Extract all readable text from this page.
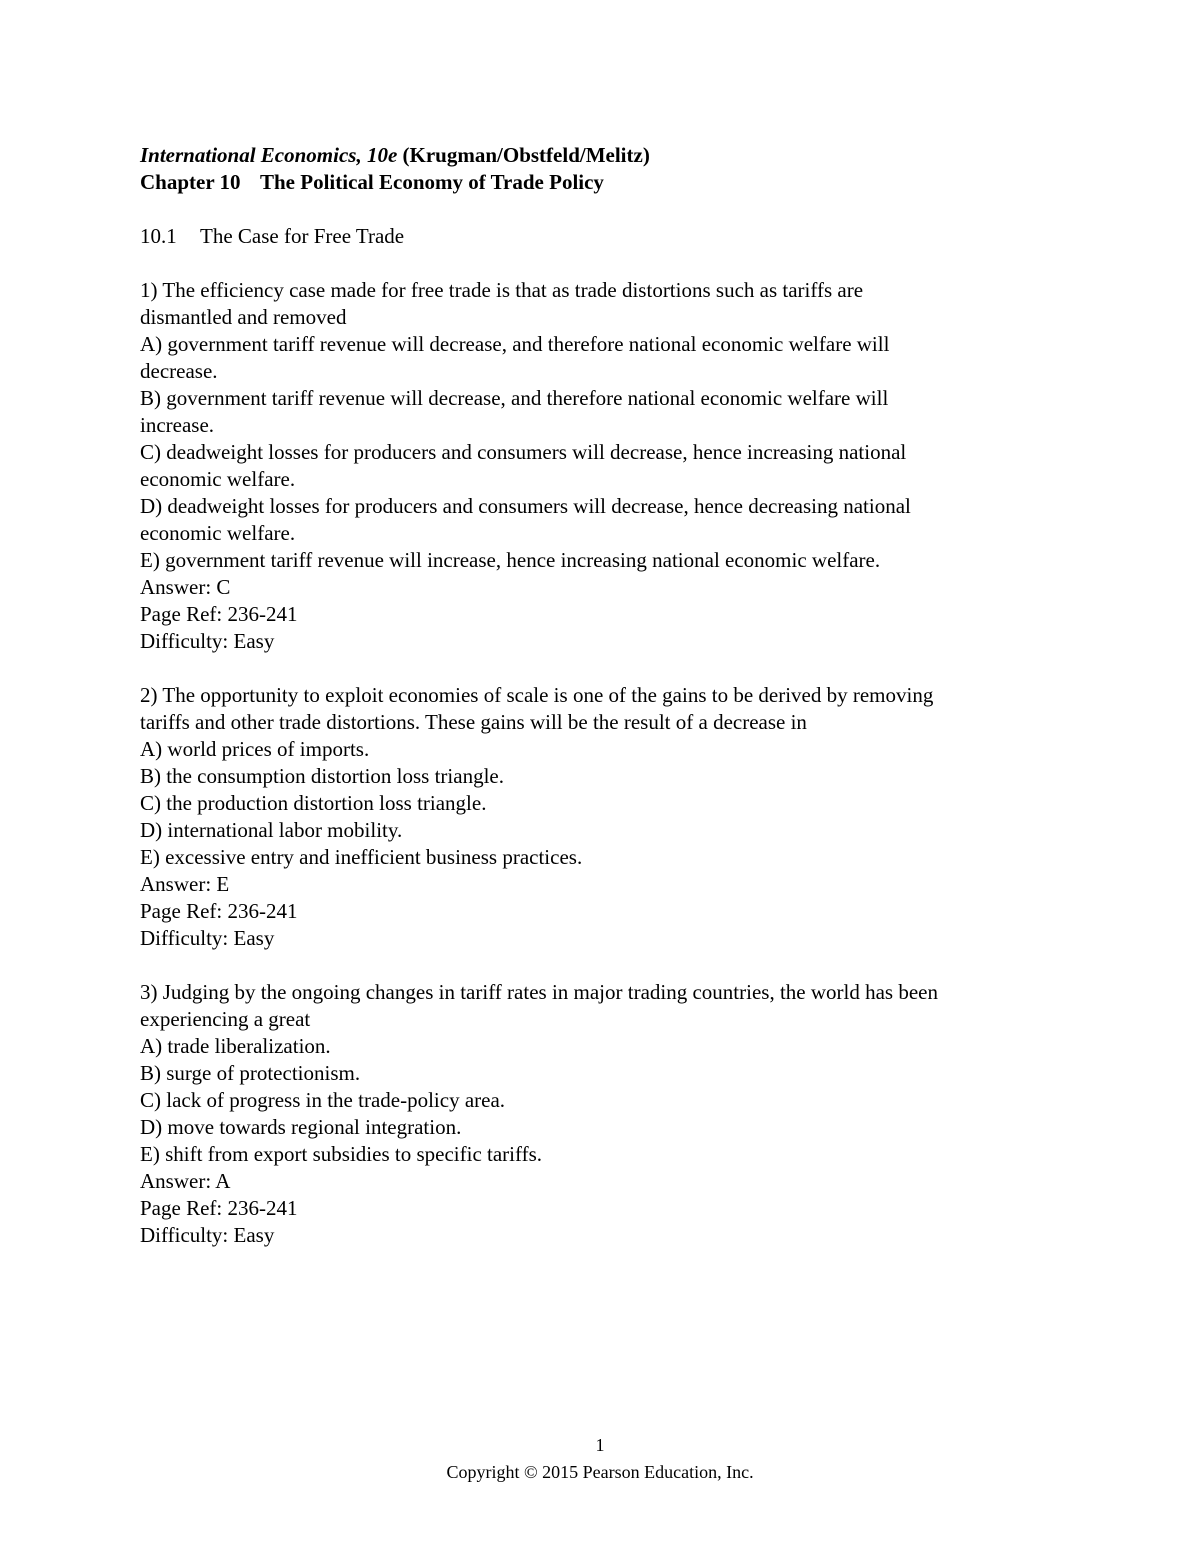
International Economics, 10e (Krugman/Obstfeld/Melitz)
Chapter 10 The Political Economy of Trade Policy
10.1 The Case for Free Trade
1) The efficiency case made for free trade is that as trade distortions such as tariffs are
dismantled and removed
A) government tariff revenue will decrease, and therefore national economic welfare will
decrease.
B) government tariff revenue will decrease, and therefore national economic welfare will
increase.
C) deadweight losses for producers and consumers will decrease, hence increasing national
economic welfare.
D) deadweight losses for producers and consumers will decrease, hence decreasing national
economic welfare.
E) government tariff revenue will increase, hence increasing national economic welfare.
Answer: C
Page Ref: 236-241
Difficulty: Easy
2) The opportunity to exploit economies of scale is one of the gains to be derived by removing
tariffs and other trade distortions. These gains will be the result of a decrease in
A) world prices of imports.
B) the consumption distortion loss triangle.
C) the production distortion loss triangle.
D) international labor mobility.
E) excessive entry and inefficient business practices.
Answer: E
Page Ref: 236-241
Difficulty: Easy
3) Judging by the ongoing changes in tariff rates in major trading countries, the world has been
experiencing a great
A) trade liberalization.
B) surge of protectionism.
C) lack of progress in the trade-policy area.
D) move towards regional integration.
E) shift from export subsidies to specific tariffs.
Answer: A
Page Ref: 236-241
Difficulty: Easy
1
Copyright © 2015 Pearson Education, Inc.
